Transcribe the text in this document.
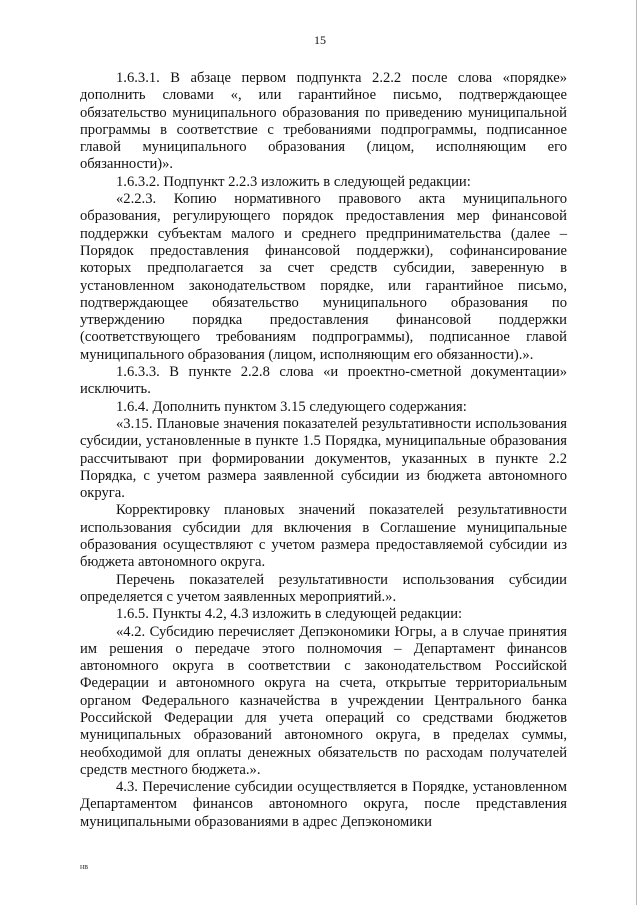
15

1.6.3.1. В абзаце первом подпункта 2.2.2 после слова «порядке» дополнить словами «, или гарантийное письмо, подтверждающее обязательство муниципального образования по приведению муниципальной программы в соответствие с требованиями подпрограммы, подписанное главой муниципального образования (лицом, исполняющим его обязанности)».

1.6.3.2. Подпункт 2.2.3 изложить в следующей редакции:

«2.2.3. Копию нормативного правового акта муниципального образования, регулирующего порядок предоставления мер финансовой поддержки субъектам малого и среднего предпринимательства (далее – Порядок предоставления финансовой поддержки), софинансирование которых предполагается за счет средств субсидии, заверенную в установленном законодательством порядке, или гарантийное письмо, подтверждающее обязательство муниципального образования по утверждению порядка предоставления финансовой поддержки (соответствующего требованиям подпрограммы), подписанное главой муниципального образования (лицом, исполняющим его обязанности).».

1.6.3.3. В пункте 2.2.8 слова «и проектно-сметной документации» исключить.

1.6.4. Дополнить пунктом 3.15 следующего содержания:

«3.15. Плановые значения показателей результативности использования субсидии, установленные в пункте 1.5 Порядка, муниципальные образования рассчитывают при формировании документов, указанных в пункте 2.2 Порядка, с учетом размера заявленной субсидии из бюджета автономного округа.

Корректировку плановых значений показателей результативности использования субсидии для включения в Соглашение муниципальные образования осуществляют с учетом размера предоставляемой субсидии из бюджета автономного округа.

Перечень показателей результативности использования субсидии определяется с учетом заявленных мероприятий.».

1.6.5. Пункты 4.2, 4.3 изложить в следующей редакции:

«4.2. Субсидию перечисляет Депэкономики Югры, а в случае принятия им решения о передаче этого полномочия – Департамент финансов автономного округа в соответствии с законодательством Российской Федерации и автономного округа на счета, открытые территориальным органом Федерального казначейства в учреждении Центрального банка Российской Федерации для учета операций со средствами бюджетов муниципальных образований автономного округа, в пределах суммы, необходимой для оплаты денежных обязательств по расходам получателей средств местного бюджета.».

4.3. Перечисление субсидии осуществляется в Порядке, установленном Департаментом финансов автономного округа, после представления муниципальными образованиями в адрес Депэкономики

нв
